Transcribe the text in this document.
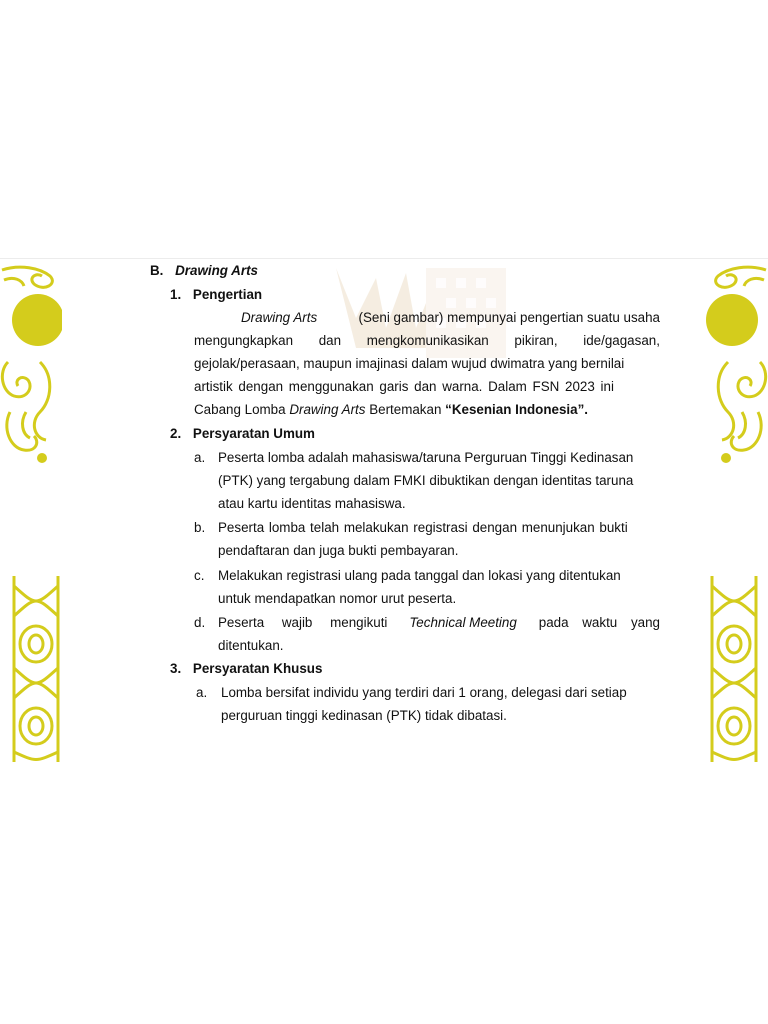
B. Drawing Arts
1. Pengertian
Drawing Arts	(Seni gambar) mempunyai pengertian suatu usaha
mengungkapkan dan mengkomunikasikan pikiran, ide/gagasan,
gejolak/perasaan, maupun imajinasi dalam wujud dwimatra yang bernilai
artistik dengan menggunakan garis dan warna. Dalam FSN 2023 ini
Cabang Lomba Drawing Arts Bertemakan “Kesenian Indonesia”.
2. Persyaratan Umum
a. Peserta lomba adalah mahasiswa/taruna Perguruan Tinggi Kedinasan
(PTK) yang tergabung dalam FMKI dibuktikan dengan identitas taruna
atau kartu identitas mahasiswa.
b. Peserta lomba telah melakukan registrasi dengan menunjukan bukti
pendaftaran dan juga bukti pembayaran.
c. Melakukan registrasi ulang pada tanggal dan lokasi yang ditentukan
untuk mendapatkan nomor urut peserta.
d. Peserta wajib mengikuti Technical Meeting pada waktu yang
ditentukan.
3. Persyaratan Khusus
a. Lomba bersifat individu yang terdiri dari 1 orang, delegasi dari setiap
perguruan tinggi kedinasan (PTK) tidak dibatasi.
